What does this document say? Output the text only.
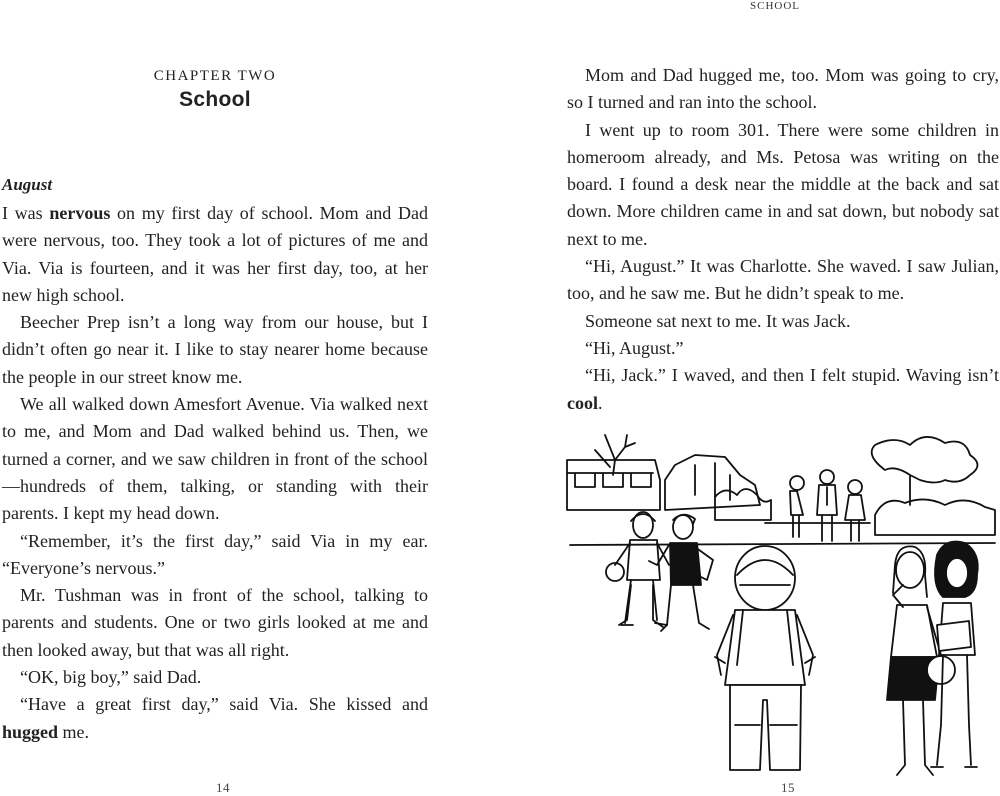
SCHOOL
CHAPTER TWO
School
August

I was nervous on my first day of school. Mom and Dad were nervous, too. They took a lot of pictures of me and Via. Via is fourteen, and it was her first day, too, at her new high school.

Beecher Prep isn’t a long way from our house, but I didn’t often go near it. I like to stay nearer home because the people in our street know me.

We all walked down Amesfort Avenue. Via walked next to me, and Mom and Dad walked behind us. Then, we turned a corner, and we saw children in front of the school—hundreds of them, talking, or standing with their parents. I kept my head down.

“Remember, it’s the first day,” said Via in my ear. “Everyone’s nervous.”

Mr. Tushman was in front of the school, talking to parents and students. One or two girls looked at me and then looked away, but that was all right.

“OK, big boy,” said Dad.

“Have a great first day,” said Via. She kissed and hugged me.

14

Mom and Dad hugged me, too. Mom was going to cry, so I turned and ran into the school.

I went up to room 301. There were some children in homeroom already, and Ms. Petosa was writing on the board. I found a desk near the middle at the back and sat down. More children came in and sat down, but nobody sat next to me.

“Hi, August.” It was Charlotte. She waved. I saw Julian, too, and he saw me. But he didn’t speak to me.

Someone sat next to me. It was Jack.

“Hi, August.”

“Hi, Jack.” I waved, and then I felt stupid. Waving isn’t cool.

15
